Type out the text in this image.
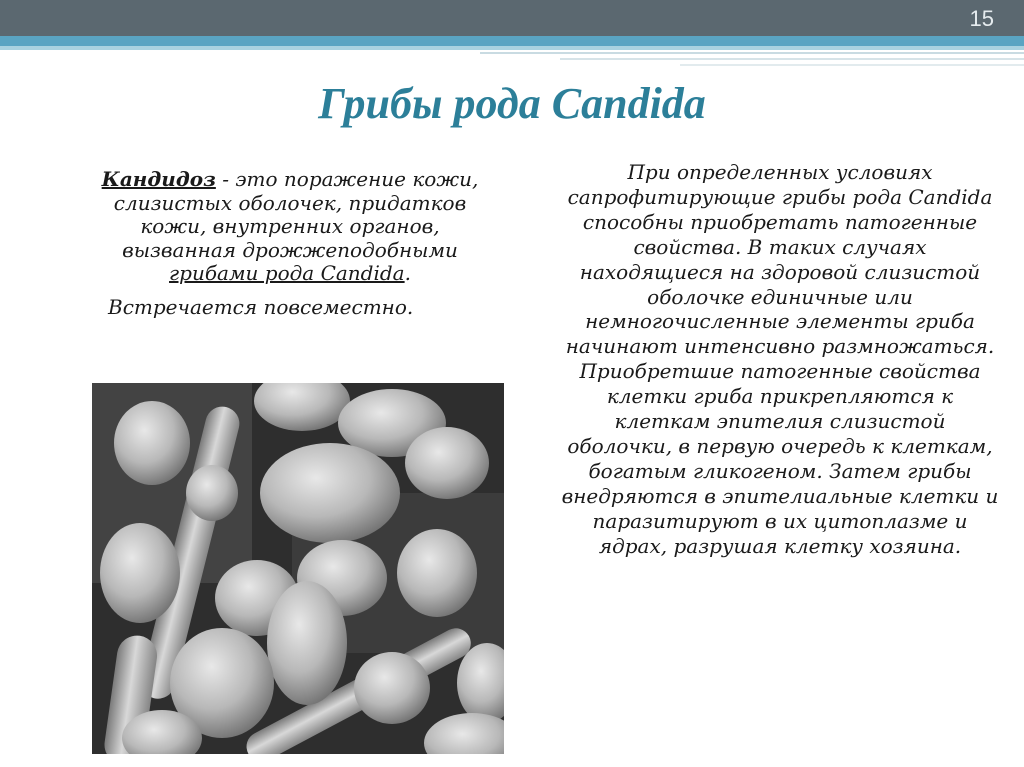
15
Грибы рода Candida
Кандидоз - это поражение кожи, слизистых оболочек, придатков кожи, внутренних органов, вызванная дрожжеподобными грибами рода Candida.
Встречается повсеместно.
При определенных условиях сапрофитирующие грибы рода Candida способны приобретать патогенные свойства. В таких случаях находящиеся на здоровой слизистой оболочке единичные или немногочисленные элементы гриба начинают интенсивно размножаться. Приобретшие патогенные свойства клетки гриба прикрепляются к клеткам эпителия слизистой оболочки, в первую очередь к клеткам, богатым гликогеном. Затем грибы внедряются в эпителиальные клетки и паразитируют в их цитоплазме и ядрах, разрушая клетку хозяина.
